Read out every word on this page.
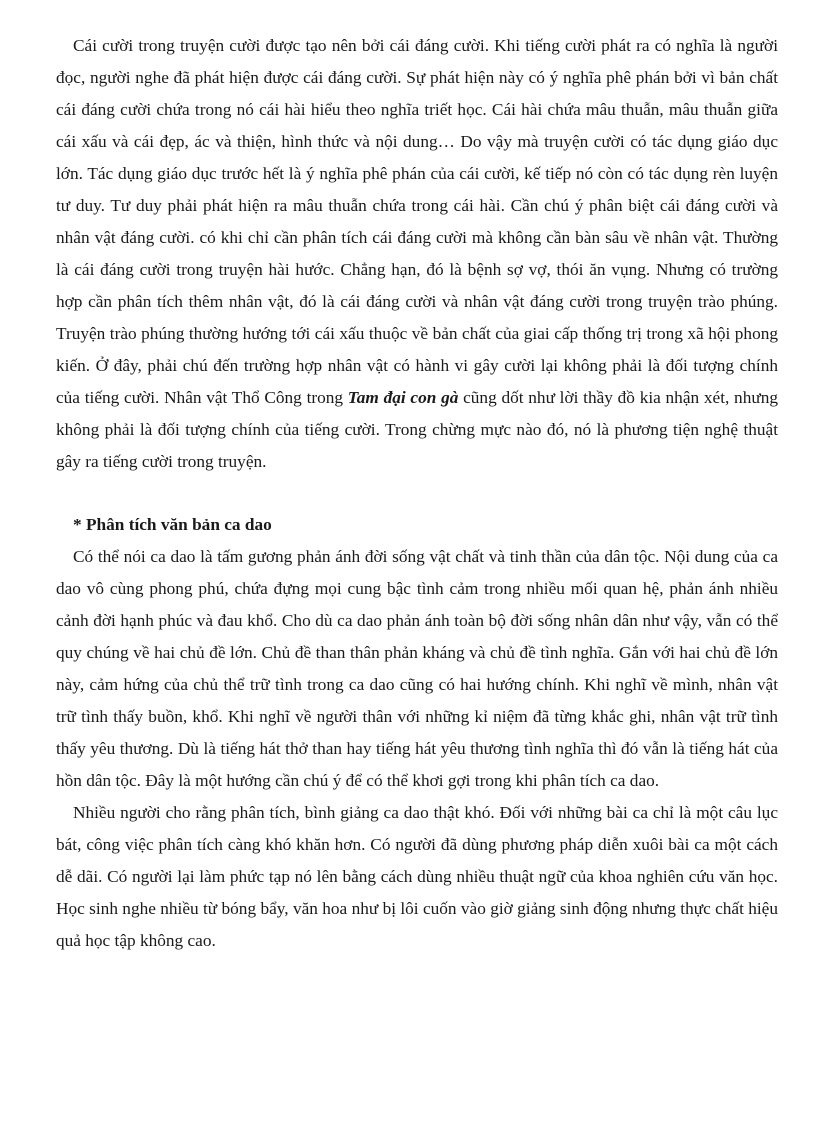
Cái cười trong truyện cười được tạo nên bởi cái đáng cười. Khi tiếng cười phát ra có nghĩa là người đọc, người nghe đã phát hiện được cái đáng cười. Sự phát hiện này có ý nghĩa phê phán bởi vì bản chất cái đáng cười chứa trong nó cái hài hiểu theo nghĩa triết học. Cái hài chứa mâu thuẫn, mâu thuẫn giữa cái xấu và cái đẹp, ác và thiện, hình thức và nội dung… Do vậy mà truyện cười có tác dụng giáo dục lớn. Tác dụng giáo dục trước hết là ý nghĩa phê phán của cái cười, kế tiếp nó còn có tác dụng rèn luyện tư duy. Tư duy phải phát hiện ra mâu thuẫn chứa trong cái hài. Cần chú ý phân biệt cái đáng cười và nhân vật đáng cười. có khi chỉ cần phân tích cái đáng cười mà không cần bàn sâu về nhân vật. Thường là cái đáng cười trong truyện hài hước. Chẳng hạn, đó là bệnh sợ vợ, thói ăn vụng. Nhưng có trường hợp cần phân tích thêm nhân vật, đó là cái đáng cười và nhân vật đáng cười trong truyện trào phúng. Truyện trào phúng thường hướng tới cái xấu thuộc về bản chất của giai cấp thống trị trong xã hội phong kiến. Ở đây, phải chú đến trường hợp nhân vật có hành vi gây cười lại không phải là đối tượng chính của tiếng cười. Nhân vật Thổ Công trong Tam đại con gà cũng dốt như lời thầy đồ kia nhận xét, nhưng không phải là đối tượng chính của tiếng cười. Trong chừng mực nào đó, nó là phương tiện nghệ thuật gây ra tiếng cười trong truyện.

* Phân tích văn bản ca dao

Có thể nói ca dao là tấm gương phản ánh đời sống vật chất và tinh thần của dân tộc. Nội dung của ca dao vô cùng phong phú, chứa đựng mọi cung bậc tình cảm trong nhiều mối quan hệ, phản ánh nhiều cảnh đời hạnh phúc và đau khổ. Cho dù ca dao phản ánh toàn bộ đời sống nhân dân như vậy, vẫn có thể quy chúng về hai chủ đề lớn. Chủ đề than thân phản kháng và chủ đề tình nghĩa. Gắn với hai chủ đề lớn này, cảm hứng của chủ thể trữ tình trong ca dao cũng có hai hướng chính. Khi nghĩ về mình, nhân vật trữ tình thấy buồn, khổ. Khi nghĩ về người thân với những kỉ niệm đã từng khắc ghi, nhân vật trữ tình thấy yêu thương. Dù là tiếng hát thở than hay tiếng hát yêu thương tình nghĩa thì đó vẫn là tiếng hát của hồn dân tộc. Đây là một hướng cần chú ý để có thể khơi gợi trong khi phân tích ca dao.

Nhiều người cho rằng phân tích, bình giảng ca dao thật khó. Đối với những bài ca chỉ là một câu lục bát, công việc phân tích càng khó khăn hơn. Có người đã dùng phương pháp diễn xuôi bài ca một cách dễ dãi. Có người lại làm phức tạp nó lên bằng cách dùng nhiều thuật ngữ của khoa nghiên cứu văn học. Học sinh nghe nhiều từ bóng bẩy, văn hoa như bị lôi cuốn vào giờ giảng sinh động nhưng thực chất hiệu quả học tập không cao.
